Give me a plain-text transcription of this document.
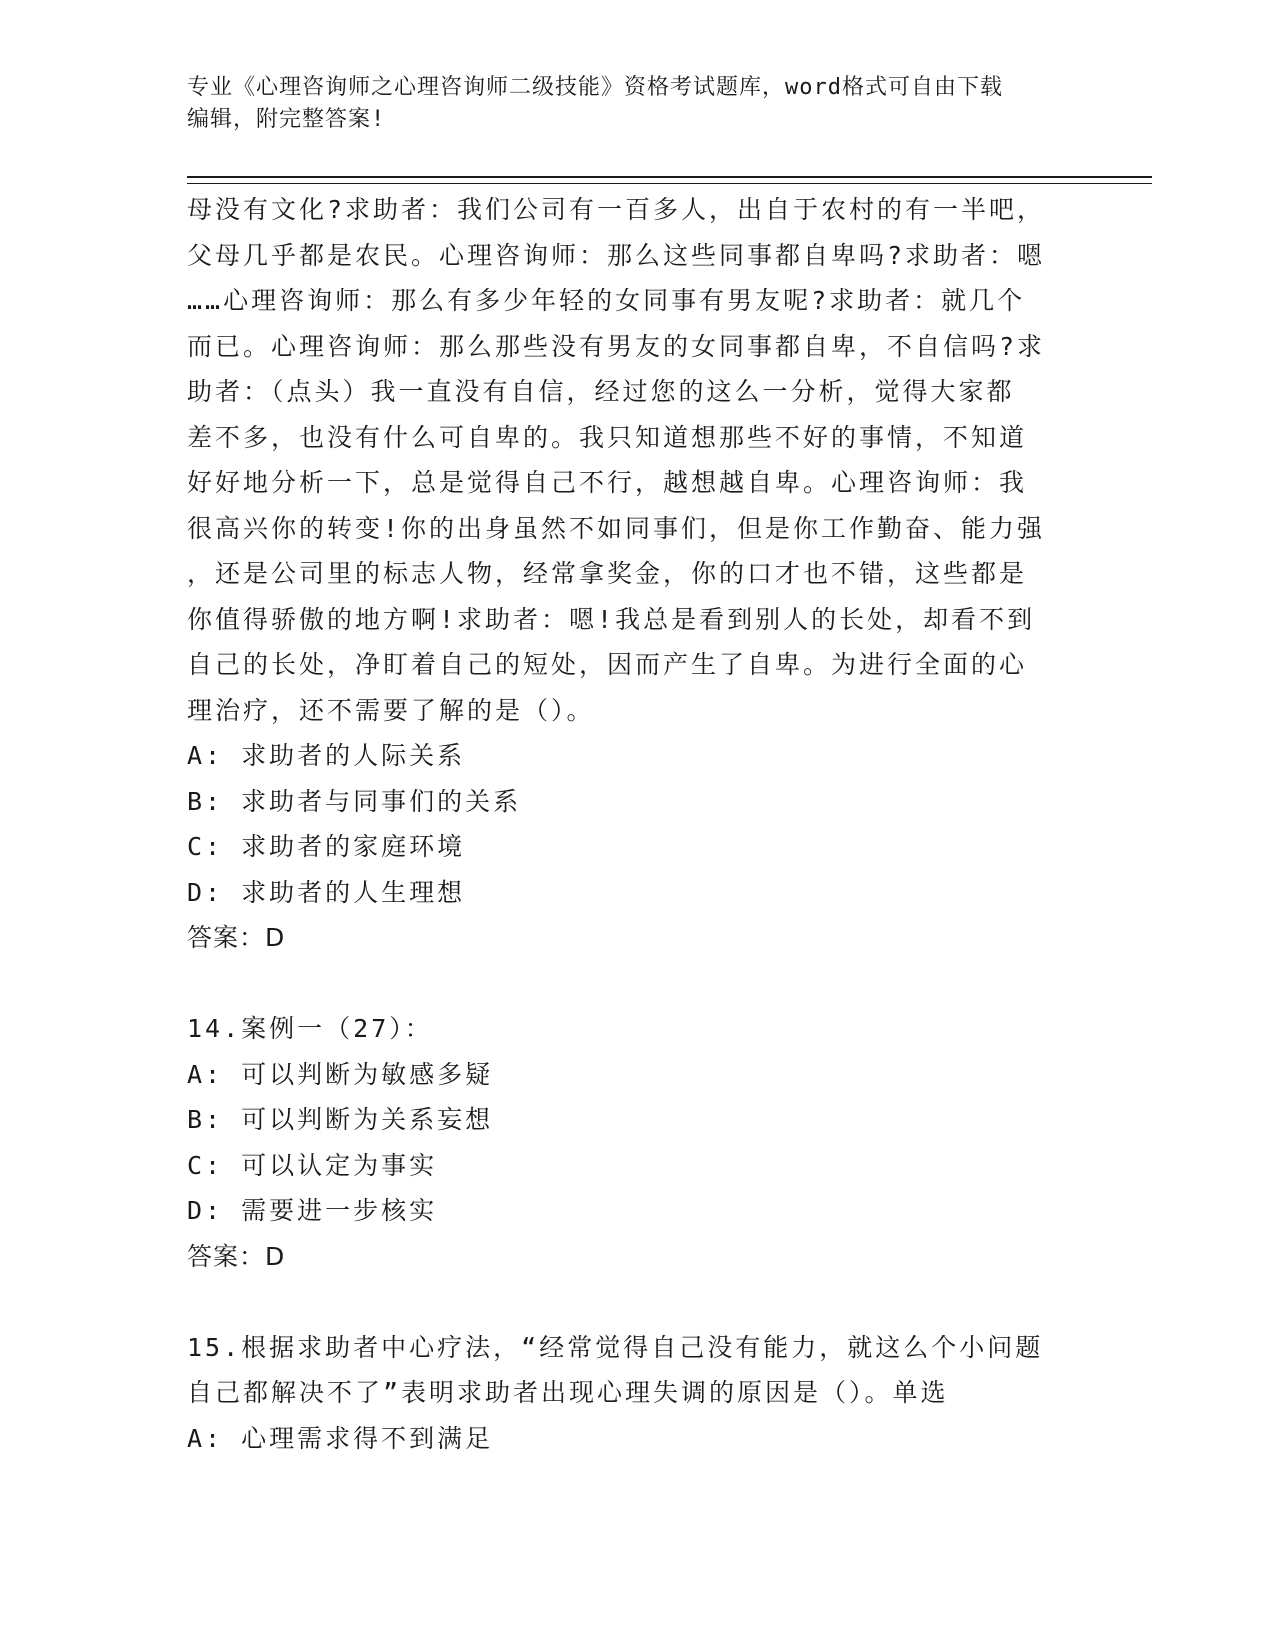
专业《心理咨询师之心理咨询师二级技能》资格考试题库，word格式可自由下载
编辑，附完整答案!
母没有文化?求助者：我们公司有一百多人，出自于农村的有一半吧，
父母几乎都是农民。心理咨询师：那么这些同事都自卑吗?求助者：嗯
……心理咨询师：那么有多少年轻的女同事有男友呢?求助者：就几个
而已。心理咨询师：那么那些没有男友的女同事都自卑，不自信吗?求
助者：（点头）我一直没有自信，经过您的这么一分析，觉得大家都
差不多，也没有什么可自卑的。我只知道想那些不好的事情，不知道
好好地分析一下，总是觉得自己不行，越想越自卑。心理咨询师：我
很高兴你的转变!你的出身虽然不如同事们，但是你工作勤奋、能力强
，还是公司里的标志人物，经常拿奖金，你的口才也不错，这些都是
你值得骄傲的地方啊!求助者：嗯!我总是看到别人的长处，却看不到
自己的长处，净盯着自己的短处，因而产生了自卑。为进行全面的心
理治疗，还不需要了解的是（）。
A: 求助者的人际关系
B: 求助者与同事们的关系
C: 求助者的家庭环境
D: 求助者的人生理想
答案：D
14.案例一（27）：
A: 可以判断为敏感多疑
B: 可以判断为关系妄想
C: 可以认定为事实
D: 需要进一步核实
答案：D
15.根据求助者中心疗法，“经常觉得自己没有能力，就这么个小问题
自己都解决不了”表明求助者出现心理失调的原因是（）。单选
A: 心理需求得不到满足
